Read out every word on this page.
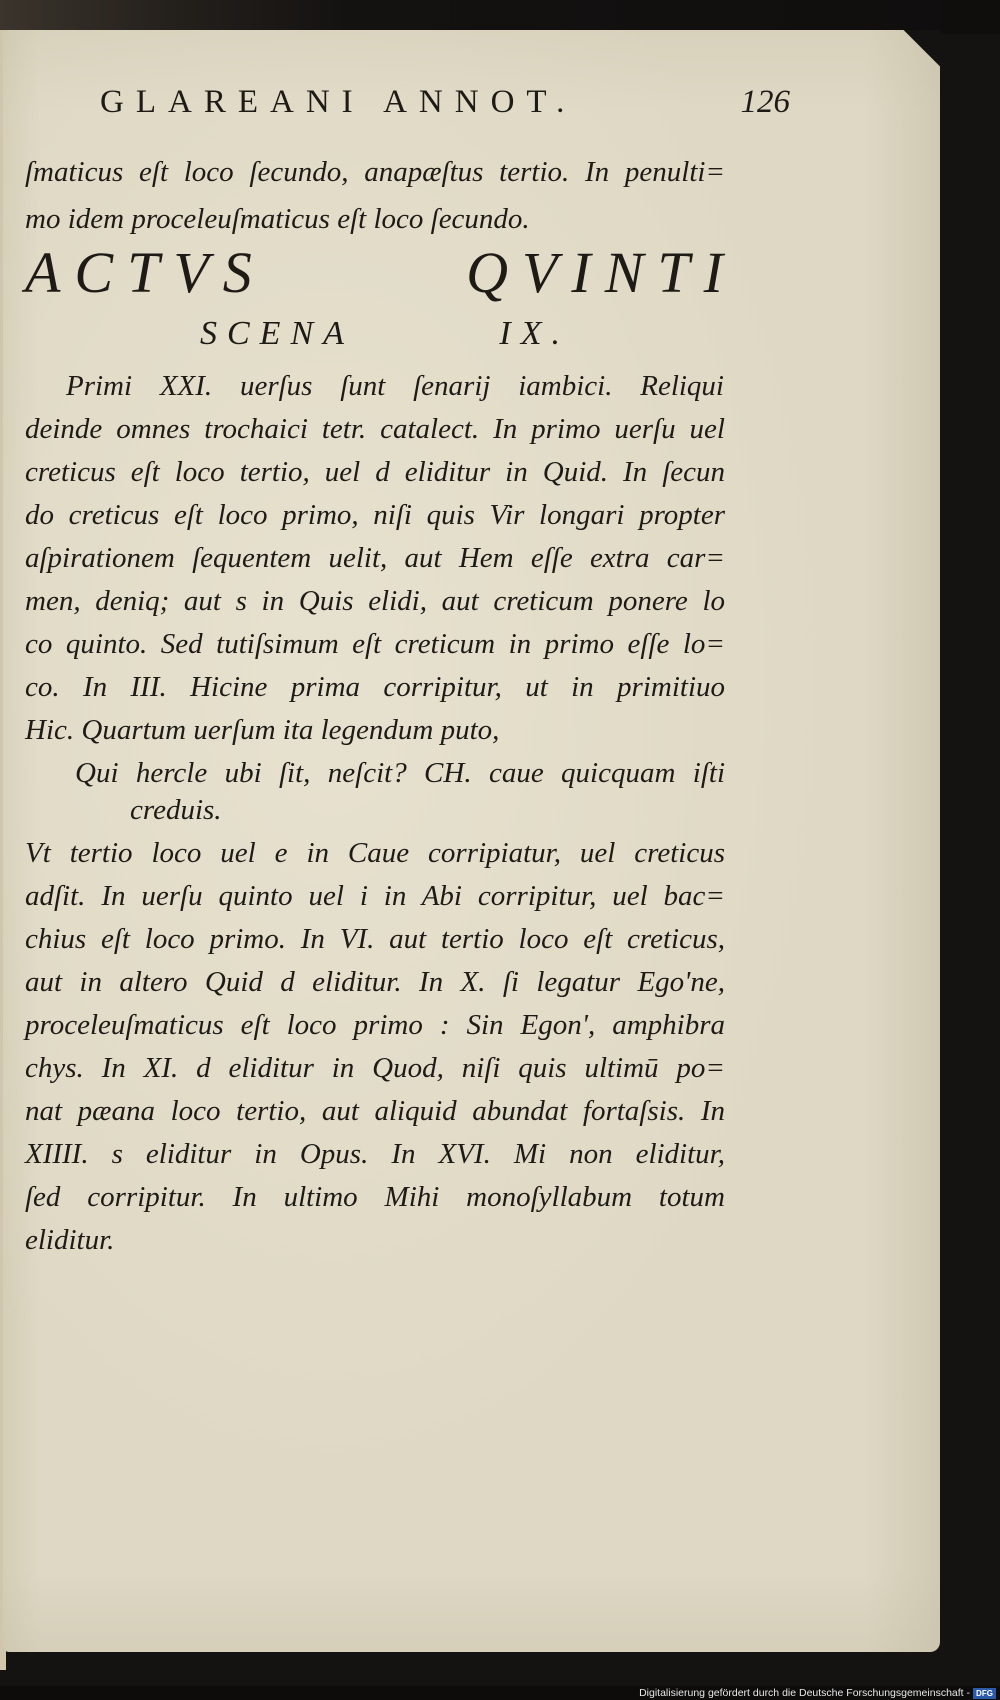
GLAREANI ANNOT.	126
ſmaticus eſt loco ſecundo, anapæſtus tertio. In penulti=
mo idem proceleuſmaticus eſt loco ſecundo.
ACTVS QVINTI
SCENA IX.
Primi XXI. uerſus ſunt ſenarij iambici. Reliqui
deinde omnes trochaici tetr. catalect. In primo uerſu uel
creticus eſt loco tertio, uel d eliditur in Quid. In ſecun
do creticus eſt loco primo, niſi quis Vir longari propter
aſpirationem ſequentem uelit, aut Hem eſſe extra car=
men, deniq; aut s in Quis elidi, aut creticum ponere lo
co quinto. Sed tutiſsimum eſt creticum in primo eſſe lo=
co. In III. Hicine prima corripitur, ut in primitiuo
Hic. Quartum uerſum ita legendum puto,
Qui hercle ubi ſit, neſcit? CH. caue quicquam iſti
creduis.
Vt tertio loco uel e in Caue corripiatur, uel creticus
adſit. In uerſu quinto uel i in Abi corripitur, uel bac=
chius eſt loco primo. In VI. aut tertio loco eſt creticus,
aut in altero Quid d eliditur. In X. ſi legatur Ego'ne,
proceleuſmaticus eſt loco primo : Sin Egon', amphibra
chys. In XI. d eliditur in Quod, niſi quis ultimū po=
nat pæana loco tertio, aut aliquid abundat fortaſsis. In
XIIII. s eliditur in Opus. In XVI. Mi non eliditur,
ſed corripitur. In ultimo Mihi monoſyllabum totum
eliditur.
Digitalisierung gefördert durch die Deutsche Forschungsgemeinschaft - DFG
